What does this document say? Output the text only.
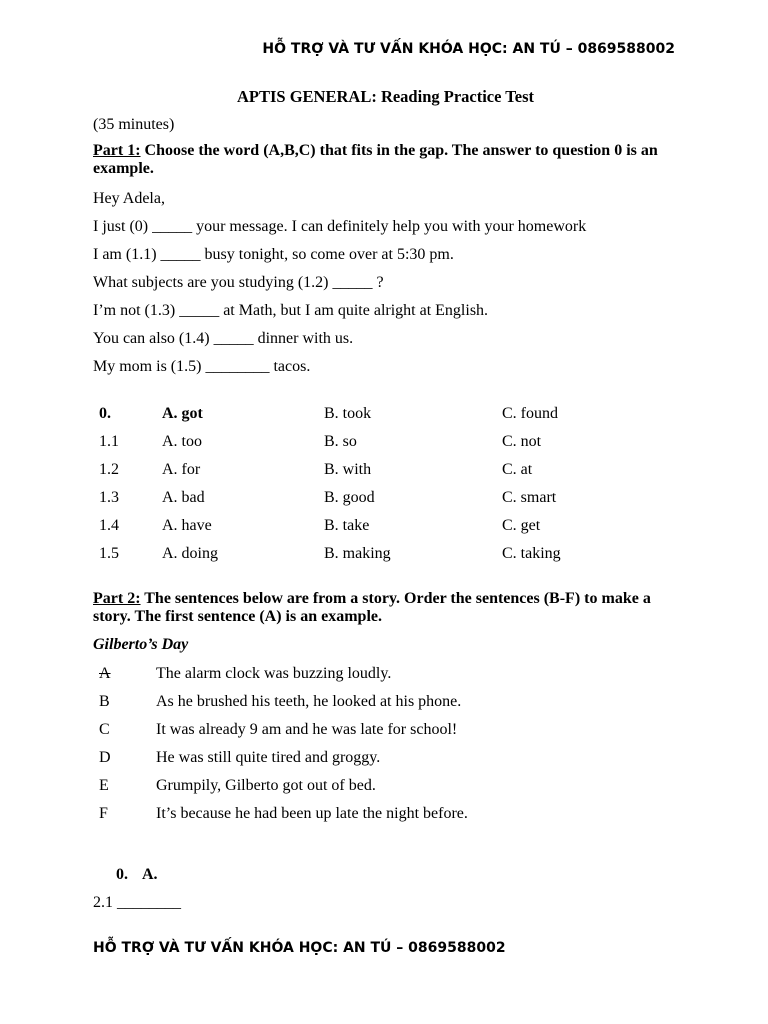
HỖ TRỢ VÀ TƯ VẤN KHÓA HỌC: AN TÚ – 0869588002

APTIS GENERAL: Reading Practice Test

(35 minutes)

Part 1: Choose the word (A,B,C) that fits in the gap. The answer to question 0 is an example.

Hey Adela,

I just (0) _____ your message. I can definitely help you with your homework

I am (1.1) _____ busy tonight, so come over at 5:30 pm.

What subjects are you studying (1.2) _____ ?

I’m not (1.3) _____ at Math, but I am quite alright at English.

You can also (1.4) _____ dinner with us.

My mom is (1.5) ________ tacos.

0.	A. got	B. took	C. found
1.1	A. too	B. so	C. not
1.2	A. for	B. with	C. at
1.3	A. bad	B. good	C. smart
1.4	A. have	B. take	C. get
1.5	A. doing	B. making	C. taking

Part 2: The sentences below are from a story. Order the sentences (B-F) to make a story. The first sentence (A) is an example.

Gilberto’s Day

A	The alarm clock was buzzing loudly.
B	As he brushed his teeth, he looked at his phone.
C	It was already 9 am and he was late for school!
D	He was still quite tired and groggy.
E	Grumpily, Gilberto got out of bed.
F	It’s because he had been up late the night before.
0. A.
2.1 ________
HỖ TRỢ VÀ TƯ VẤN KHÓA HỌC: AN TÚ – 0869588002
